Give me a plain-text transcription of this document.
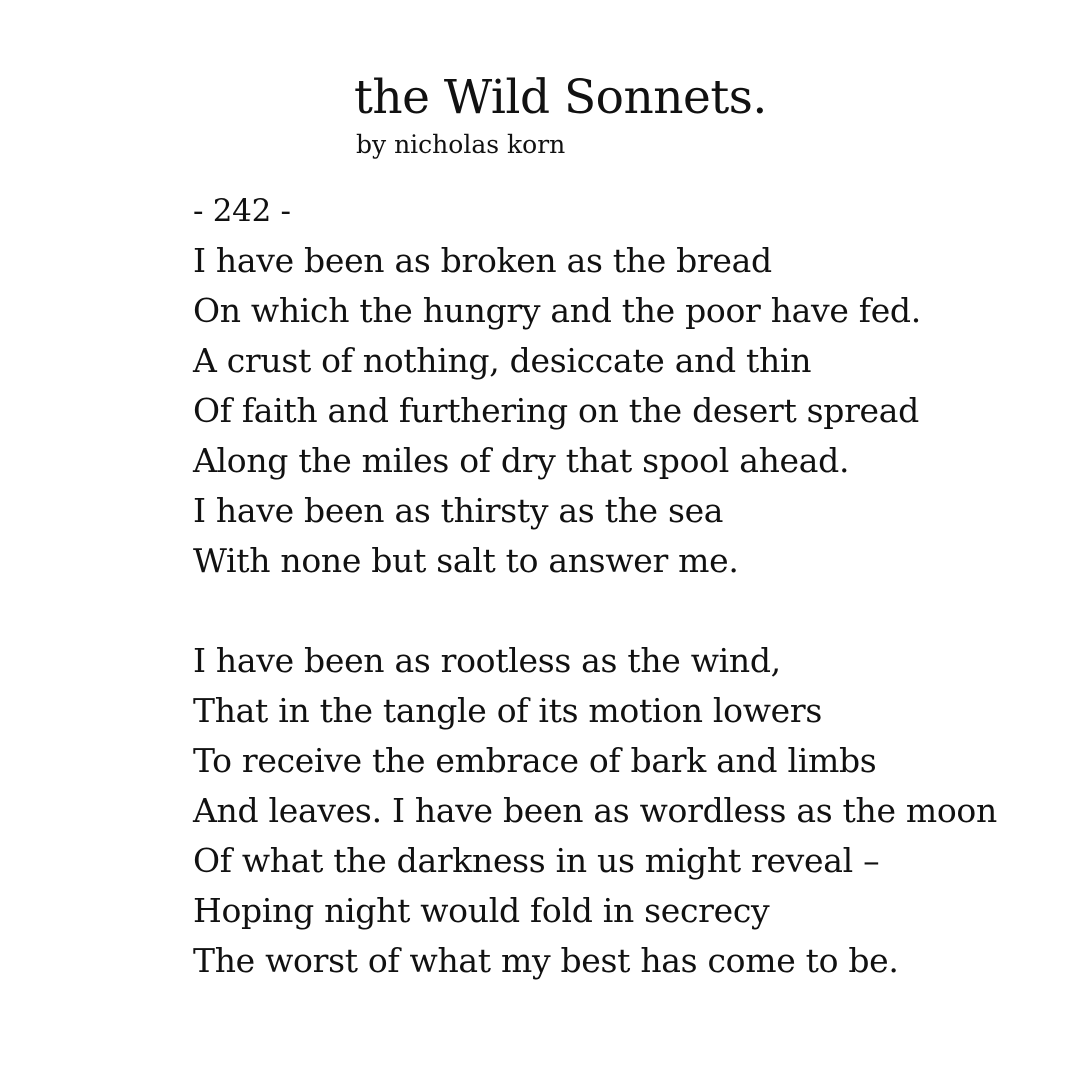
the Wild Sonnets.
by nicholas korn
- 242 -
I have been as broken as the bread
On which the hungry and the poor have fed.
A crust of nothing, desiccate and thin
Of faith and furthering on the desert spread
Along the miles of dry that spool ahead.
I have been as thirsty as the sea
With none but salt to answer me.
I have been as rootless as the wind,
That in the tangle of its motion lowers
To receive the embrace of bark and limbs
And leaves. I have been as wordless as the moon
Of what the darkness in us might reveal –
Hoping night would fold in secrecy
The worst of what my best has come to be.
